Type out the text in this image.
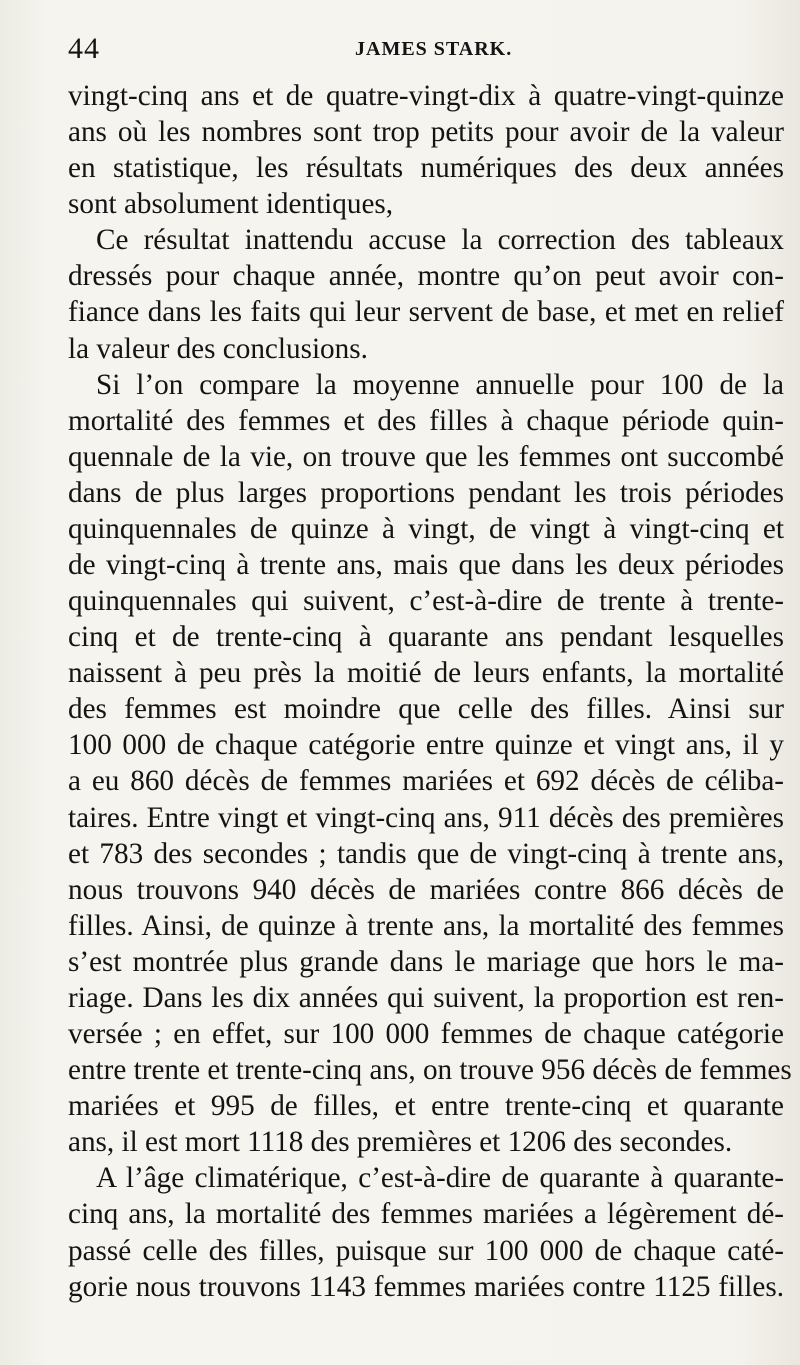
44	JAMES STARK.
vingt-cinq ans et de quatre-vingt-dix à quatre-vingt-quinze
ans où les nombres sont trop petits pour avoir de la valeur
en statistique, les résultats numériques des deux années
sont absolument identiques,
Ce résultat inattendu accuse la correction des tableaux
dressés pour chaque année, montre qu’on peut avoir con-
fiance dans les faits qui leur servent de base, et met en relief
la valeur des conclusions.
Si l’on compare la moyenne annuelle pour 100 de la
mortalité des femmes et des filles à chaque période quin-
quennale de la vie, on trouve que les femmes ont succombé
dans de plus larges proportions pendant les trois périodes
quinquennales de quinze à vingt, de vingt à vingt-cinq et
de vingt-cinq à trente ans, mais que dans les deux périodes
quinquennales qui suivent, c’est-à-dire de trente à trente-
cinq et de trente-cinq à quarante ans pendant lesquelles
naissent à peu près la moitié de leurs enfants, la mortalité
des femmes est moindre que celle des filles. Ainsi sur
100 000 de chaque catégorie entre quinze et vingt ans, il y
a eu 860 décès de femmes mariées et 692 décès de céliba-
taires. Entre vingt et vingt-cinq ans, 911 décès des premières
et 783 des secondes ; tandis que de vingt-cinq à trente ans,
nous trouvons 940 décès de mariées contre 866 décès de
filles. Ainsi, de quinze à trente ans, la mortalité des femmes
s’est montrée plus grande dans le mariage que hors le ma-
riage. Dans les dix années qui suivent, la proportion est ren-
versée ; en effet, sur 100 000 femmes de chaque catégorie
entre trente et trente-cinq ans, on trouve 956 décès de femmes
mariées et 995 de filles, et entre trente-cinq et quarante
ans, il est mort 1118 des premières et 1206 des secondes.
A l’âge climatérique, c’est-à-dire de quarante à quarante-
cinq ans, la mortalité des femmes mariées a légèrement dé-
passé celle des filles, puisque sur 100 000 de chaque caté-
gorie nous trouvons 1143 femmes mariées contre 1125 filles.
